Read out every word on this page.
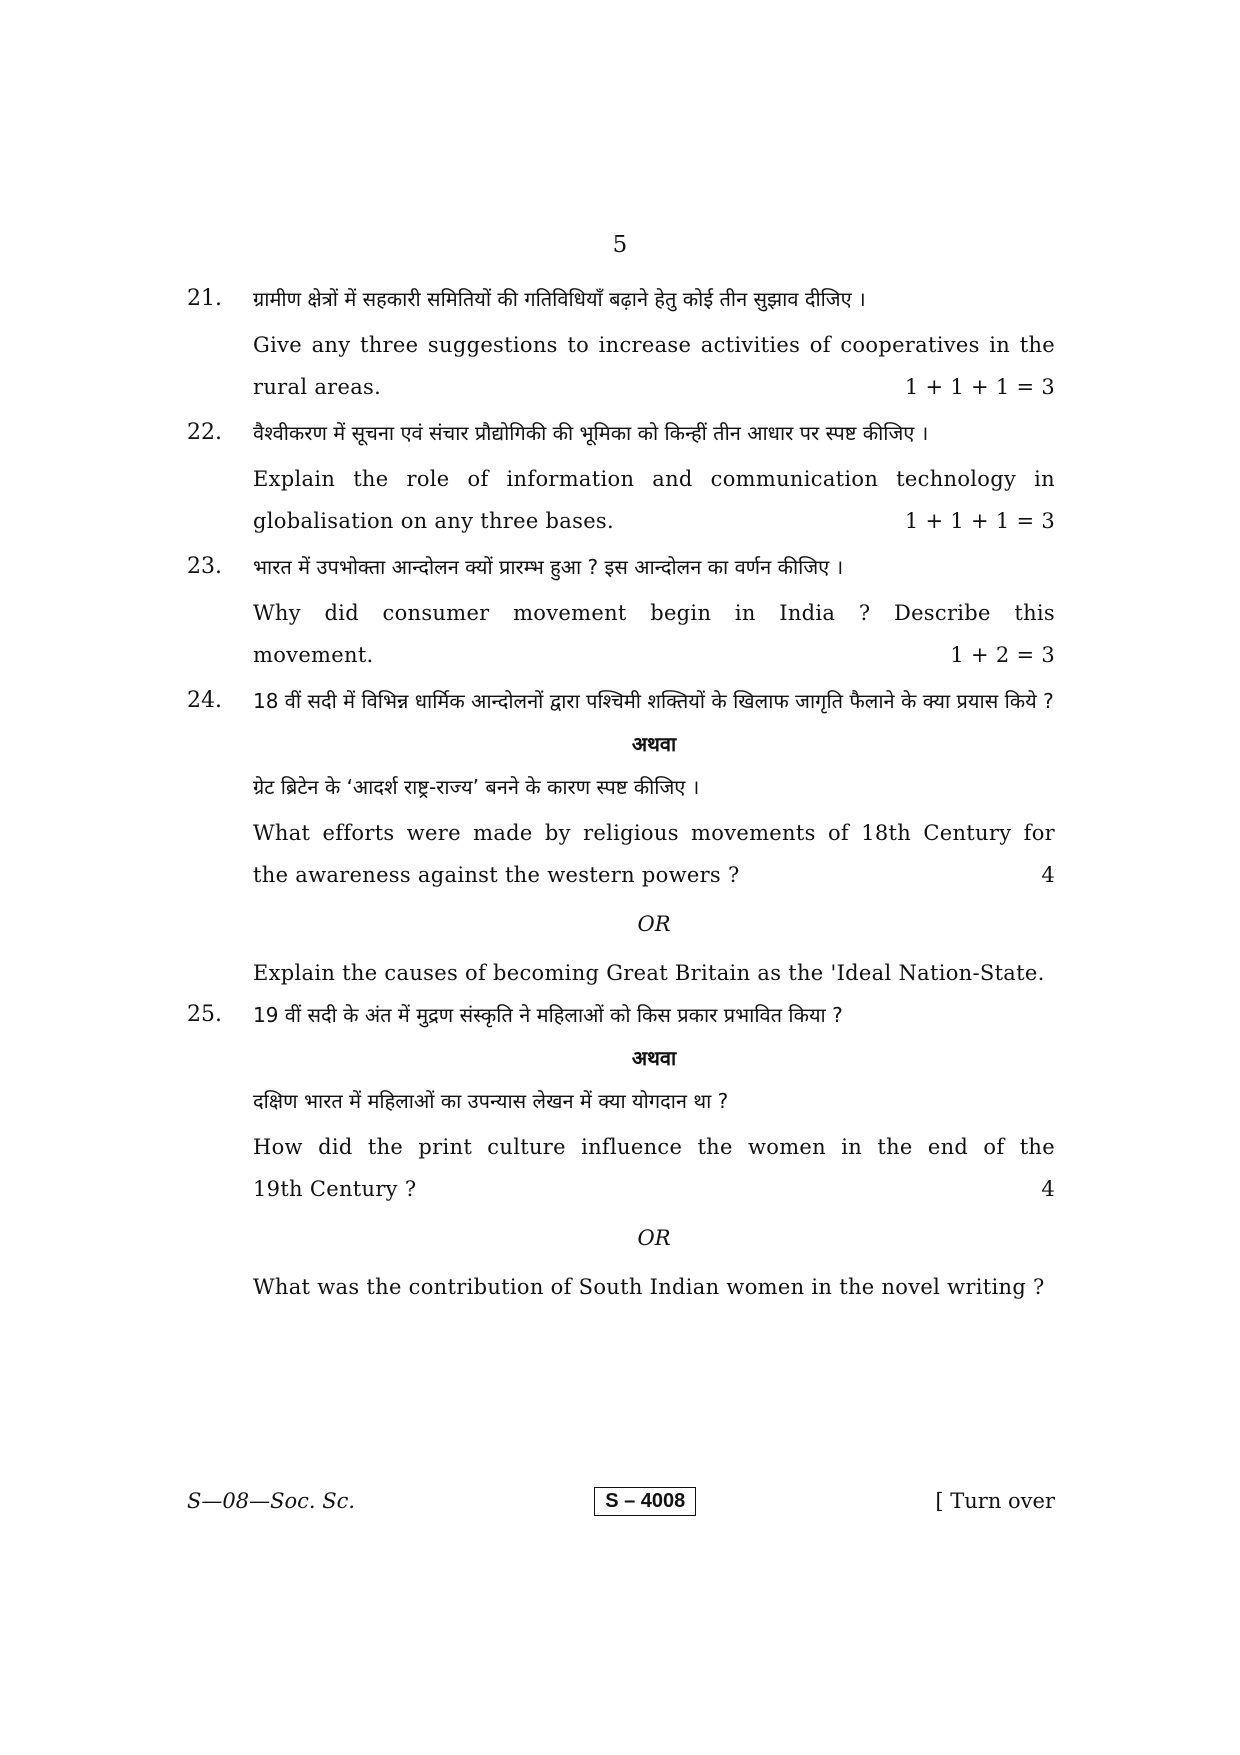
5
21.	ग्रामीण क्षेत्रों में सहकारी समितियों की गतिविधियाँ बढ़ाने हेतु कोई तीन सुझाव दीजिए ।

Give any three suggestions to increase activities of cooperatives in the

rural areas.	1 + 1 + 1 = 3
22.	वैश्वीकरण में सूचना एवं संचार प्रौद्योगिकी की भूमिका को किन्हीं तीन आधार पर स्पष्ट कीजिए ।

Explain the role of information and communication technology in

globalisation on any three bases.	1 + 1 + 1 = 3
23.	भारत में उपभोक्ता आन्दोलन क्यों प्रारम्भ हुआ ? इस आन्दोलन का वर्णन कीजिए ।

Why did consumer movement begin in India ? Describe this

movement.	1 + 2 = 3
24.	18 वीं सदी में विभिन्न धार्मिक आन्दोलनों द्वारा पश्चिमी शक्तियों के खिलाफ जागृति फैलाने के क्या प्रयास किये ?

अथवा

ग्रेट ब्रिटेन के ‘आदर्श राष्ट्र-राज्य’ बनने के कारण स्पष्ट कीजिए ।

What efforts were made by religious movements of 18th Century for

the awareness against the western powers ?	4

OR

Explain the causes of becoming Great Britain as the 'Ideal Nation-State.

25.	19 वीं सदी के अंत में मुद्रण संस्कृति ने महिलाओं को किस प्रकार प्रभावित किया ?

अथवा

दक्षिण भारत में महिलाओं का उपन्यास लेखन में क्या योगदान था ?

How did the print culture influence the women in the end of the

19th Century ?	4

OR

What was the contribution of South Indian women in the novel writing ?

S—08—Soc. Sc.	S – 4008	[ Turn over
